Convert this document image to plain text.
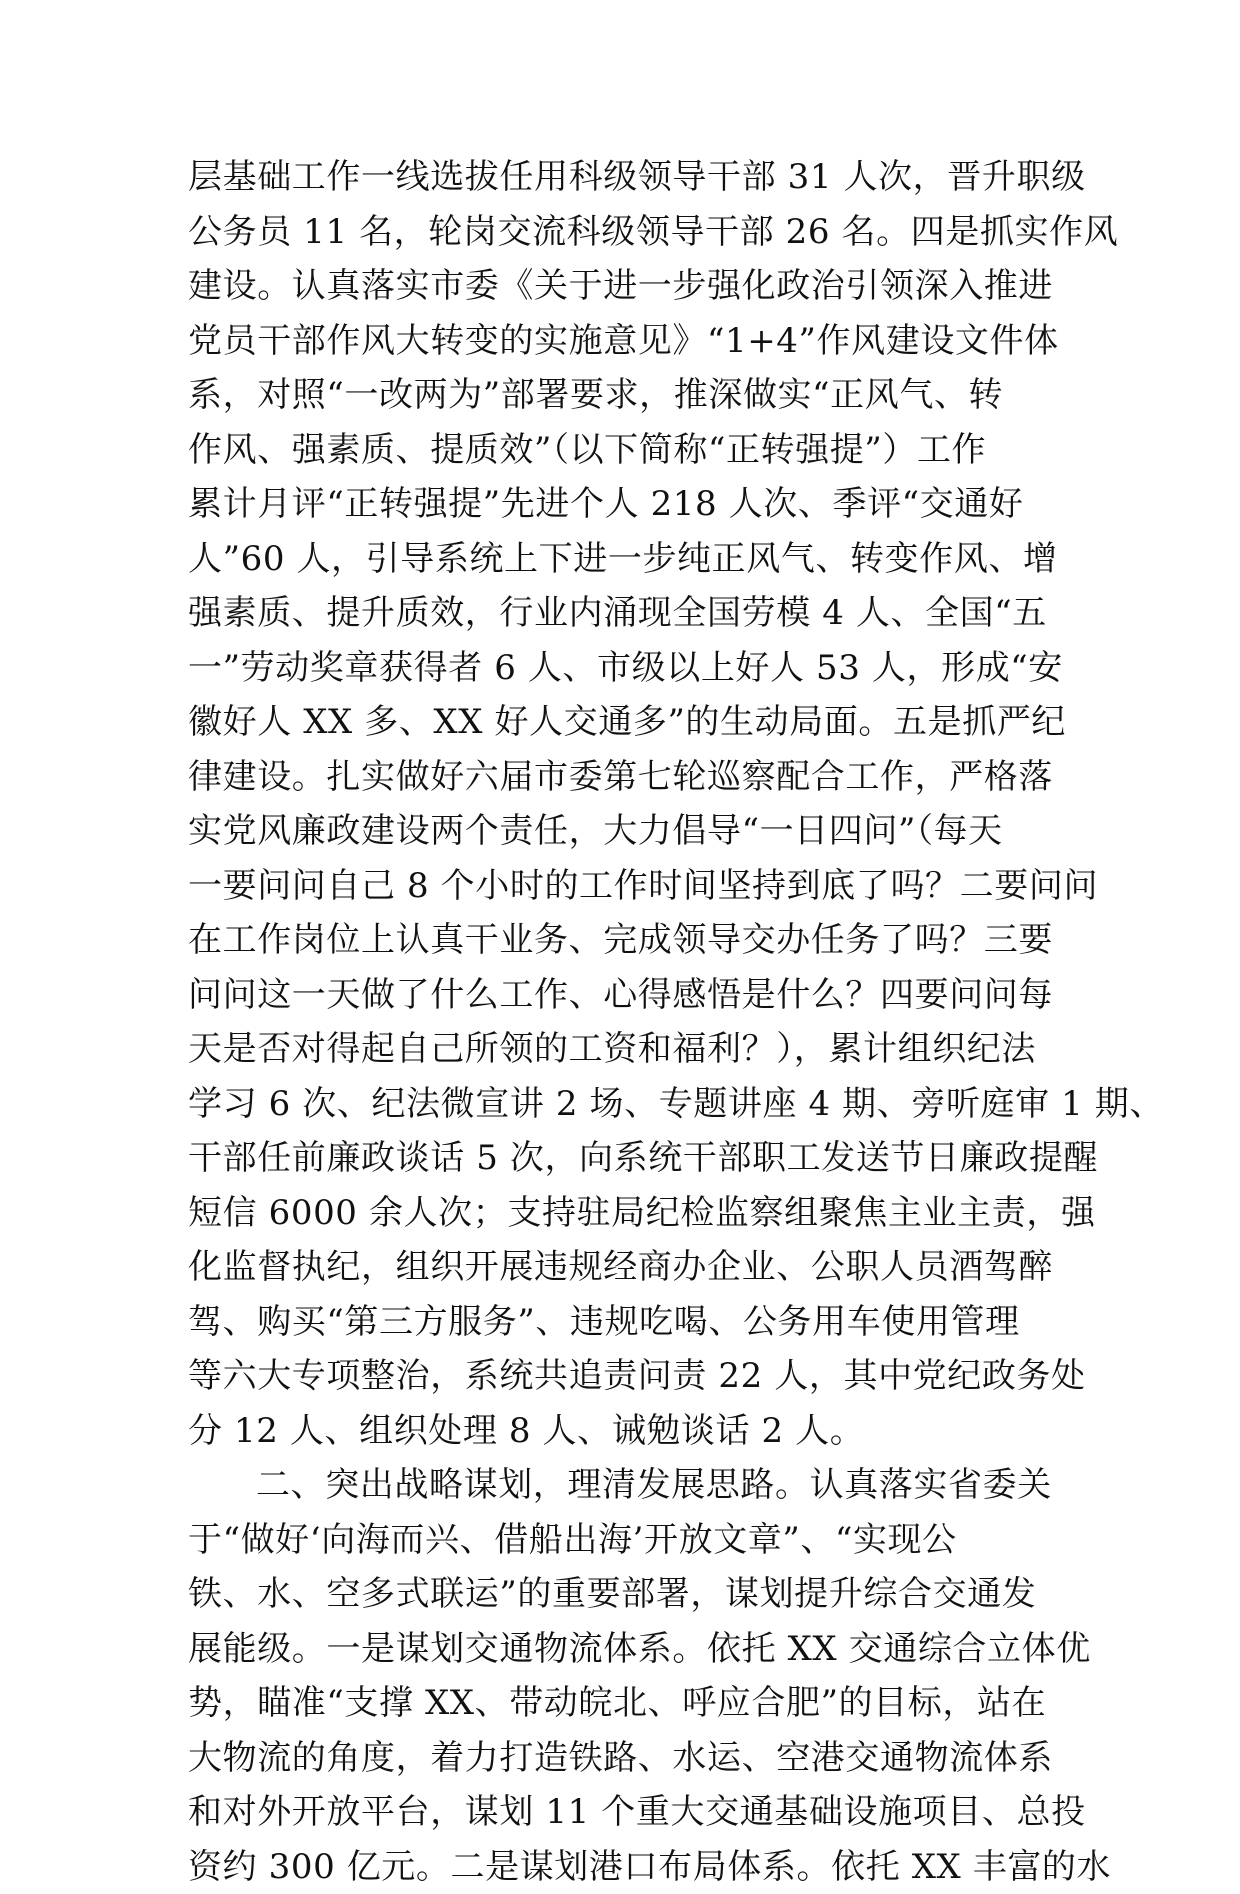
层基础工作一线选拔任用科级领导干部 31 人次，晋升职级
公务员 11 名，轮岗交流科级领导干部 26 名。四是抓实作风
建设。认真落实市委《关于进一步强化政治引领深入推进
党员干部作风大转变的实施意见》“1+4”作风建设文件体
系，对照“一改两为”部署要求，推深做实“正风气、转
作风、强素质、提质效”（以下简称“正转强提”）工作
累计月评“正转强提”先进个人 218 人次、季评“交通好
人”60 人，引导系统上下进一步纯正风气、转变作风、增
强素质、提升质效，行业内涌现全国劳模 4 人、全国“五
一”劳动奖章获得者 6 人、市级以上好人 53 人，形成“安
徽好人 XX 多、XX 好人交通多”的生动局面。五是抓严纪
律建设。扎实做好六届市委第七轮巡察配合工作，严格落
实党风廉政建设两个责任，大力倡导“一日四问”（每天
一要问问自己 8 个小时的工作时间坚持到底了吗？二要问问
在工作岗位上认真干业务、完成领导交办任务了吗？三要
问问这一天做了什么工作、心得感悟是什么？四要问问每
天是否对得起自己所领的工资和福利？），累计组织纪法
学习 6 次、纪法微宣讲 2 场、专题讲座 4 期、旁听庭审 1 期、
干部任前廉政谈话 5 次，向系统干部职工发送节日廉政提醒
短信 6000 余人次；支持驻局纪检监察组聚焦主业主责，强
化监督执纪，组织开展违规经商办企业、公职人员酒驾醉
驾、购买“第三方服务”、违规吃喝、公务用车使用管理
等六大专项整治，系统共追责问责 22 人，其中党纪政务处
分 12 人、组织处理 8 人、诫勉谈话 2 人。
二、突出战略谋划，理清发展思路。认真落实省委关
于“做好‘向海而兴、借船出海’开放文章”、“实现公
铁、水、空多式联运”的重要部署，谋划提升综合交通发
展能级。一是谋划交通物流体系。依托 XX 交通综合立体优
势，瞄准“支撑 XX、带动皖北、呼应合肥”的目标，站在
大物流的角度，着力打造铁路、水运、空港交通物流体系
和对外开放平台，谋划 11 个重大交通基础设施项目、总投
资约 300 亿元。二是谋划港口布局体系。依托 XX 丰富的水
